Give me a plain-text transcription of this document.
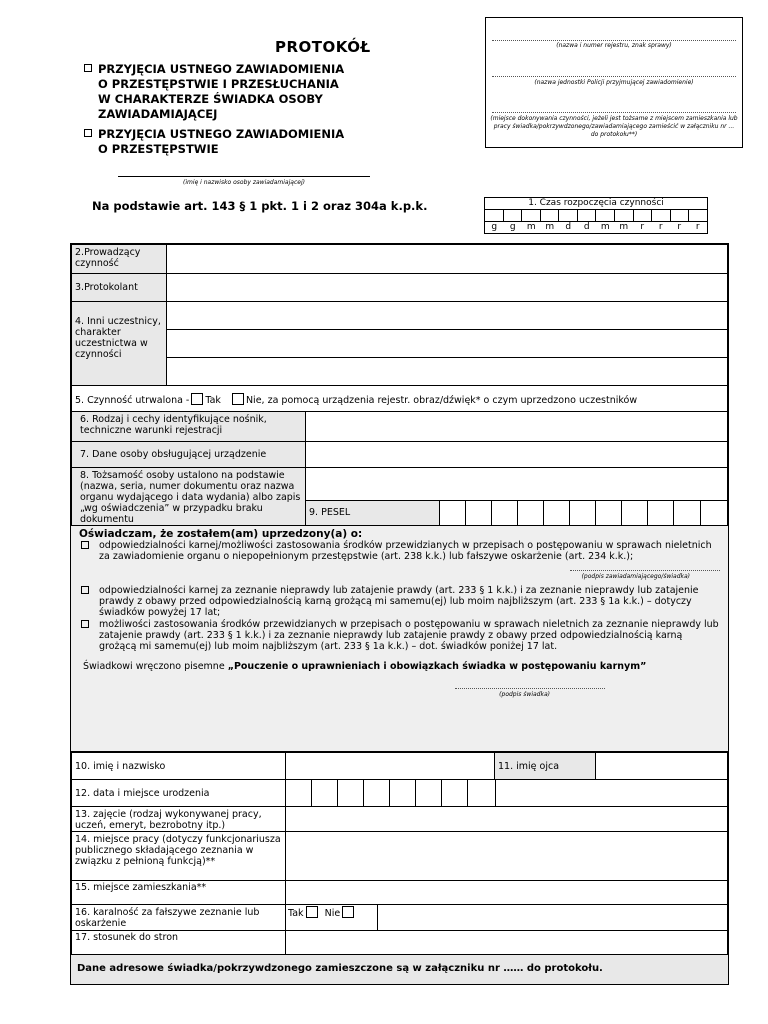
PROTOKÓŁ
PRZYJĘCIA USTNEGO ZAWIADOMIENIA
O PRZESTĘPSTWIE I PRZESŁUCHANIA
W CHARAKTERZE ŚWIADKA OSOBY
ZAWIADAMIAJĄCEJ
PRZYJĘCIA USTNEGO ZAWIADOMIENIA
O PRZESTĘPSTWIE
(nazwa i numer rejestru, znak sprawy)
(nazwa jednostki Policji przyjmującej zawiadomienie)
(miejsce dokonywania czynności, jeżeli jest tożsame z miejscem zamieszkania lub pracy świadka/pokrzywdzonego/zawiadamiającego zamieścić w załączniku nr ... do protokołu**)
(imię i nazwisko osoby zawiadamiającej)
Na podstawie art. 143 § 1 pkt. 1 i 2 oraz 304a k.p.k.	1. Czas rozpoczęcia czynności
g	g	m	m	d	d	m	m	r	r	r	r
2.Prowadzący czynność
3.Protokolant
4. Inni uczestnicy, charakter uczestnictwa w czynności
5. Czynność utrwalona - Tak	Nie, za pomocą urządzenia rejestr. obraz/dźwięk* o czym uprzedzono uczestników
6. Rodzaj i cechy identyfikujące nośnik, techniczne warunki rejestracji
7. Dane osoby obsługującej urządzenie
8. Tożsamość osoby ustalono na podstawie (nazwa, seria, numer dokumentu oraz nazwa organu wydającego i data wydania) albo zapis „wg oświadczenia” w przypadku braku dokumentu
9. PESEL
Oświadczam, że zostałem(am) uprzedzony(a) o:
odpowiedzialności karnej/możliwości zastosowania środków przewidzianych w przepisach o postępowaniu w sprawach nieletnich za zawiadomienie organu o niepopełnionym przestępstwie (art. 238 k.k.) lub fałszywe oskarżenie (art. 234 k.k.);
(podpis zawiadamiającego/świadka)
odpowiedzialności karnej za zeznanie nieprawdy lub zatajenie prawdy (art. 233 § 1 k.k.) i za zeznanie nieprawdy lub zatajenie prawdy z obawy przed odpowiedzialnością karną grożącą mi samemu(ej) lub moim najbliższym (art. 233 § 1a k.k.) – dotyczy świadków powyżej 17 lat;
możliwości zastosowania środków przewidzianych w przepisach o postępowaniu w sprawach nieletnich za zeznanie nieprawdy lub zatajenie prawdy (art. 233 § 1 k.k.) i za zeznanie nieprawdy lub zatajenie prawdy z obawy przed odpowiedzialnością karną grożącą mi samemu(ej) lub moim najbliższym (art. 233 § 1a k.k.) – dot. świadków poniżej 17 lat.
Świadkowi wręczono pisemne „Pouczenie o uprawnieniach i obowiązkach świadka w postępowaniu karnym”
(podpis świadka)
10. imię i nazwisko	11. imię ojca
12. data i miejsce urodzenia
13. zajęcie (rodzaj wykonywanej pracy, uczeń, emeryt, bezrobotny itp.)
14. miejsce pracy (dotyczy funkcjonariusza publicznego składającego zeznania w związku z pełnioną funkcją)**
15. miejsce zamieszkania**
16. karalność za fałszywe zeznanie lub oskarżenie
Tak Nie
17. stosunek do stron
Dane adresowe świadka/pokrzywdzonego zamieszczone są w załączniku nr …… do protokołu.
